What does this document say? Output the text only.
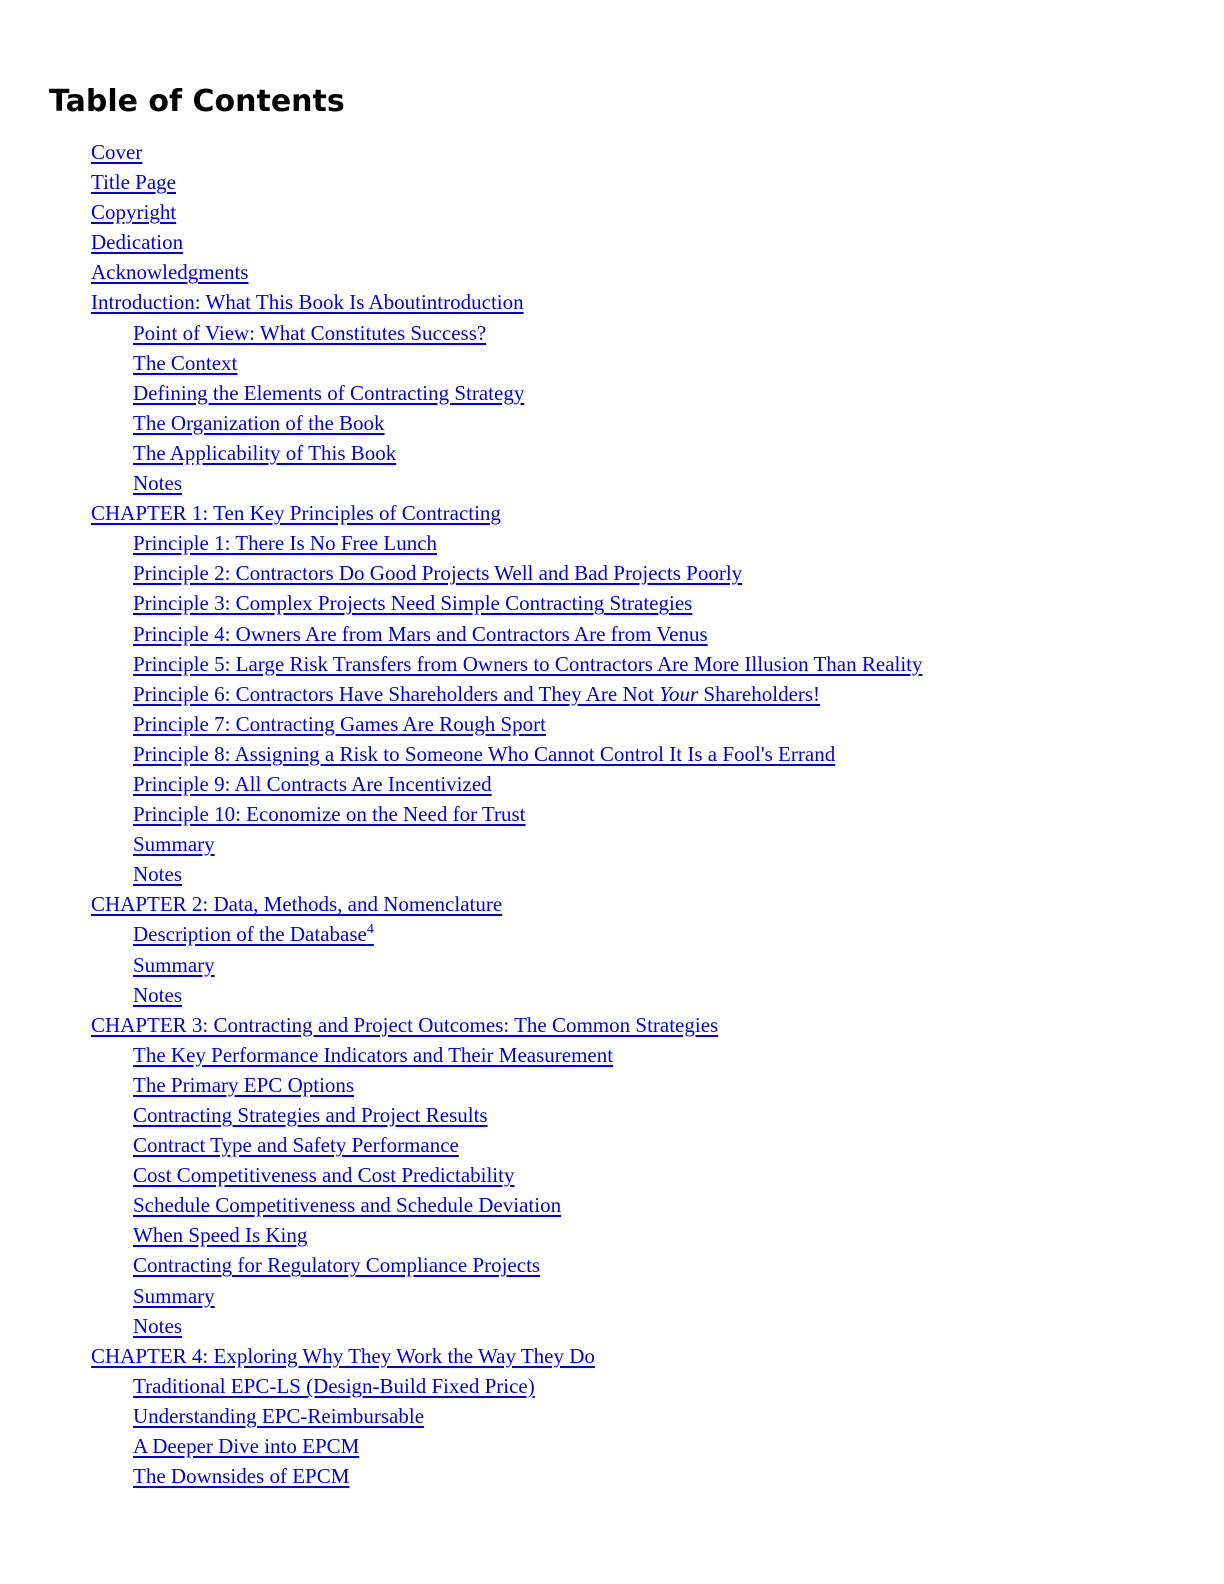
Table of Contents
Cover
Title Page
Copyright
Dedication
Acknowledgments
Introduction: What This Book Is Aboutintroduction
Point of View: What Constitutes Success?
The Context
Defining the Elements of Contracting Strategy
The Organization of the Book
The Applicability of This Book
Notes
CHAPTER 1: Ten Key Principles of Contracting
Principle 1: There Is No Free Lunch
Principle 2: Contractors Do Good Projects Well and Bad Projects Poorly
Principle 3: Complex Projects Need Simple Contracting Strategies
Principle 4: Owners Are from Mars and Contractors Are from Venus
Principle 5: Large Risk Transfers from Owners to Contractors Are More Illusion Than Reality
Principle 6: Contractors Have Shareholders and They Are Not Your Shareholders!
Principle 7: Contracting Games Are Rough Sport
Principle 8: Assigning a Risk to Someone Who Cannot Control It Is a Fool's Errand
Principle 9: All Contracts Are Incentivized
Principle 10: Economize on the Need for Trust
Summary
Notes
CHAPTER 2: Data, Methods, and Nomenclature
Description of the Database$^4$
Summary
Notes
CHAPTER 3: Contracting and Project Outcomes: The Common Strategies
The Key Performance Indicators and Their Measurement
The Primary EPC Options
Contracting Strategies and Project Results
Contract Type and Safety Performance
Cost Competitiveness and Cost Predictability
Schedule Competitiveness and Schedule Deviation
When Speed Is King
Contracting for Regulatory Compliance Projects
Summary
Notes
CHAPTER 4: Exploring Why They Work the Way They Do
Traditional EPC-LS (Design-Build Fixed Price)
Understanding EPC-Reimbursable
A Deeper Dive into EPCM
The Downsides of EPCM
